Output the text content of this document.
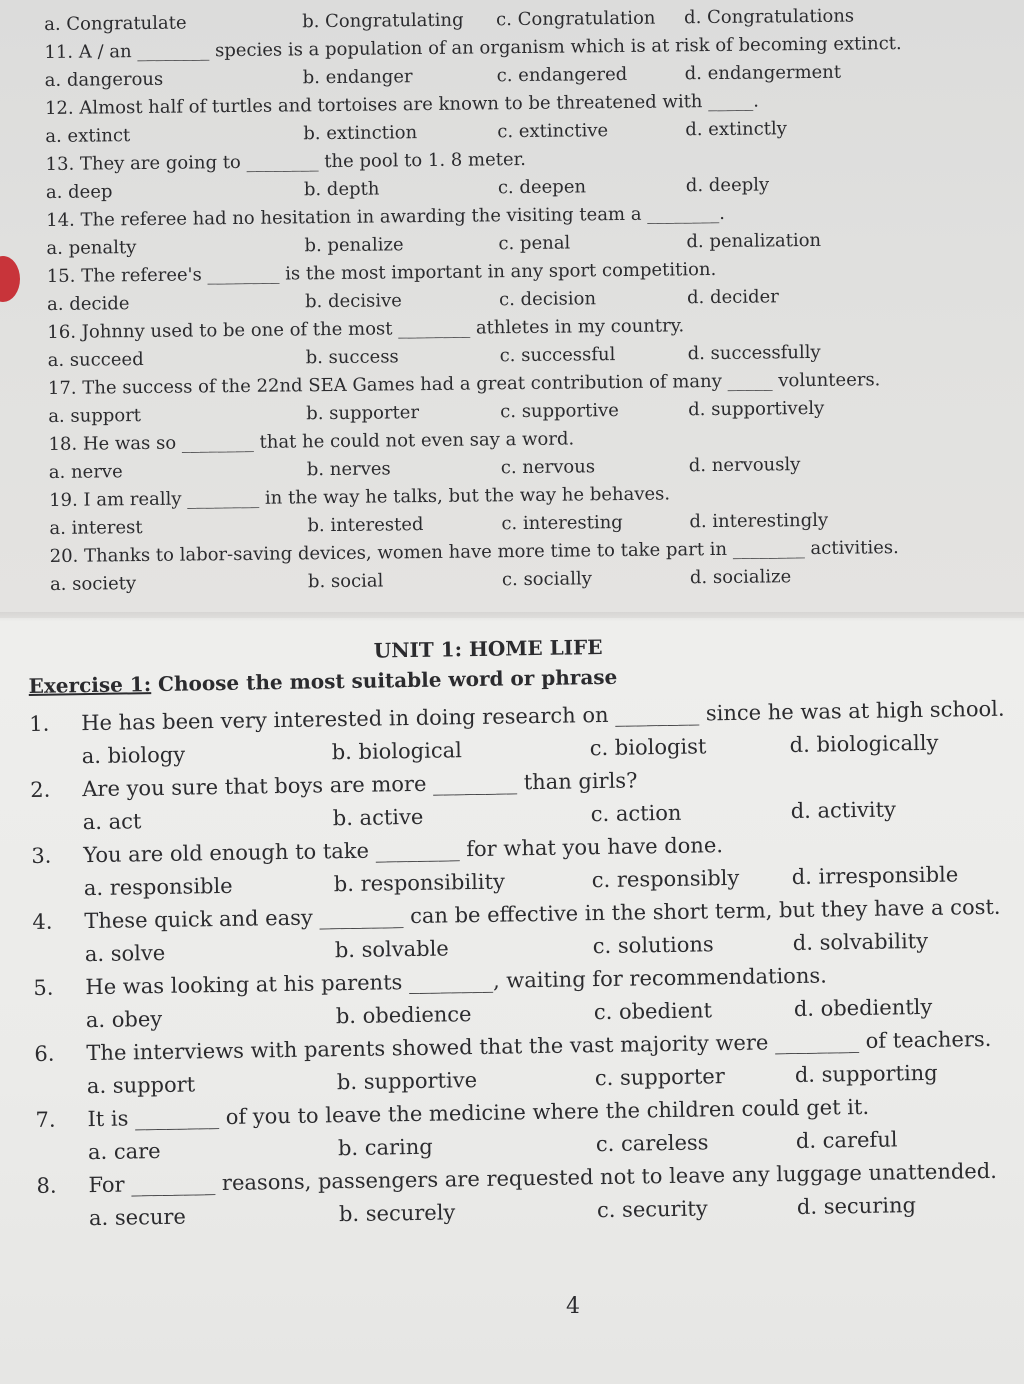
a. Congratulate	b. Congratulating c. Congratulation d. Congratulations
11. A / an ________ species is a population of an organism which is at risk of becoming extinct.
a. dangerous	b. endanger	c. endangered	d. endangerment
12. Almost half of turtles and tortoises are known to be threatened with _____.
a. extinct	b. extinction	c. extinctive	d. extinctly
13. They are going to ________ the pool to 1. 8 meter.
a. deep	b. depth	c. deepen	d. deeply
14. The referee had no hesitation in awarding the visiting team a ________.
a. penalty	b. penalize	c. penal	d. penalization
15. The referee's ________ is the most important in any sport competition.
a. decide	b. decisive	c. decision	d. decider
16. Johnny used to be one of the most ________ athletes in my country.
a. succeed	b. success	c. successful	d. successfully
17. The success of the 22nd SEA Games had a great contribution of many _____ volunteers.
a. support	b. supporter	c. supportive	d. supportively
18. He was so ________ that he could not even say a word.
a. nerve	b. nerves	c. nervous	d. nervously
19. I am really ________ in the way he talks, but the way he behaves.
a. interest	b. interested	c. interesting	d. interestingly
20. Thanks to labor-saving devices, women have more time to take part in ________ activities.
a. society	b. social	c. socially	d. socialize
UNIT 1: HOME LIFE
Exercise 1: Choose the most suitable word or phrase
1. He has been very interested in doing research on ________ since he was at high school.
a. biology	b. biological	c. biologist	d. biologically
2. Are you sure that boys are more ________ than girls?
a. act	b. active	c. action	d. activity
3. You are old enough to take ________ for what you have done.
a. responsible	b. responsibility	c. responsibly d. irresponsible
4. These quick and easy ________ can be effective in the short term, but they have a cost.
a. solve	b. solvable	c. solutions	d. solvability
5. He was looking at his parents ________, waiting for recommendations.
a. obey	b. obedience	c. obedient	d. obediently
6. The interviews with parents showed that the vast majority were ________ of teachers.
a. support	b. supportive	c. supporter	d. supporting
7. It is ________ of you to leave the medicine where the children could get it.
a. care	b. caring	c. careless	d. careful
8. For ________ reasons, passengers are requested not to leave any luggage unattended.
a. secure	b. securely	c. security	d. securing
4
